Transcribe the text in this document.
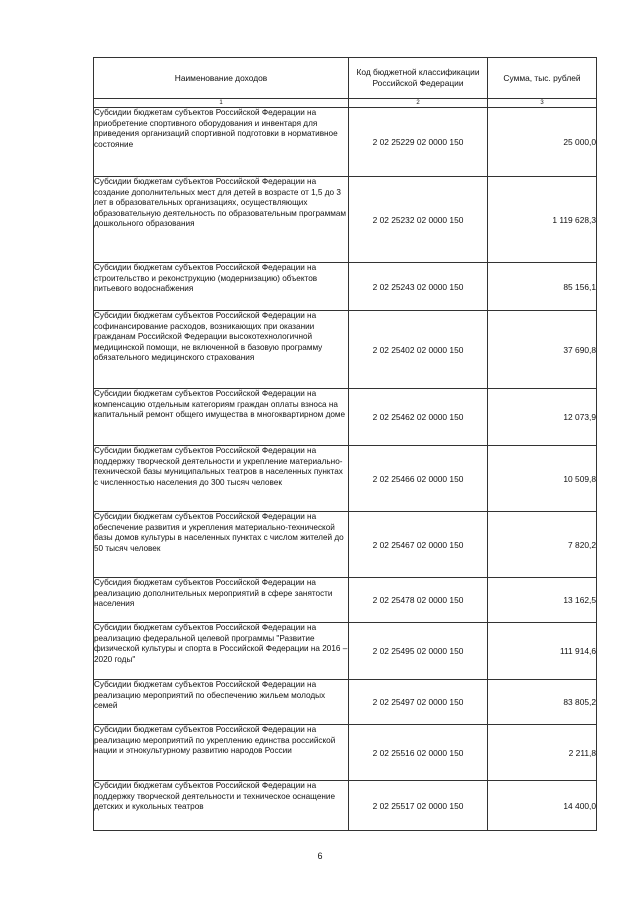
Наименование доходов	Код бюджетной классификации Российской Федерации	Сумма, тыс. рублей
1	2	3
Субсидии бюджетам субъектов Российской Федерации на приобретение спортивного оборудования и инвентаря для приведения организаций спортивной подготовки в нормативное состояние	2 02 25229 02 0000 150	25 000,0
Субсидии бюджетам субъектов Российской Федерации на создание дополнительных мест для детей в возрасте от 1,5 до 3 лет в образовательных организациях, осуществляющих образовательную деятельность по образовательным программам дошкольного образования	2 02 25232 02 0000 150	1 119 628,3
Субсидии бюджетам субъектов Российской Федерации на строительство и реконструкцию (модернизацию) объектов питьевого водоснабжения	2 02 25243 02 0000 150	85 156,1
Субсидии бюджетам субъектов Российской Федерации на софинансирование расходов, возникающих при оказании гражданам Российской Федерации высокотехнологичной медицинской помощи, не включенной в базовую программу обязательного медицинского страхования	2 02 25402 02 0000 150	37 690,8
Субсидии бюджетам субъектов Российской Федерации на компенсацию отдельным категориям граждан оплаты взноса на капитальный ремонт общего имущества в многоквартирном доме	2 02 25462 02 0000 150	12 073,9
Субсидии бюджетам субъектов Российской Федерации на поддержку творческой деятельности и укрепление материально-технической базы муниципальных театров в населенных пунктах с численностью населения до 300 тысяч человек	2 02 25466 02 0000 150	10 509,8
Субсидии бюджетам субъектов Российской Федерации на обеспечение развития и укрепления материально-технической базы домов культуры в населенных пунктах с числом жителей до 50 тысяч человек	2 02 25467 02 0000 150	7 820,2
Субсидия бюджетам субъектов Российской Федерации на реализацию дополнительных мероприятий в сфере занятости населения	2 02 25478 02 0000 150	13 162,5
Субсидии бюджетам субъектов Российской Федерации на реализацию федеральной целевой программы "Развитие физической культуры и спорта в Российской Федерации на 2016 – 2020 годы"	2 02 25495 02 0000 150	111 914,6
Субсидии бюджетам субъектов Российской Федерации на реализацию мероприятий по обеспечению жильем молодых семей	2 02 25497 02 0000 150	83 805,2
Субсидии бюджетам субъектов Российской Федерации на реализацию мероприятий по укреплению единства российской нации и этнокультурному развитию народов России	2 02 25516 02 0000 150	2 211,8
Субсидии бюджетам субъектов Российской Федерации на поддержку творческой деятельности и техническое оснащение детских и кукольных театров	2 02 25517 02 0000 150	14 400,0
6
